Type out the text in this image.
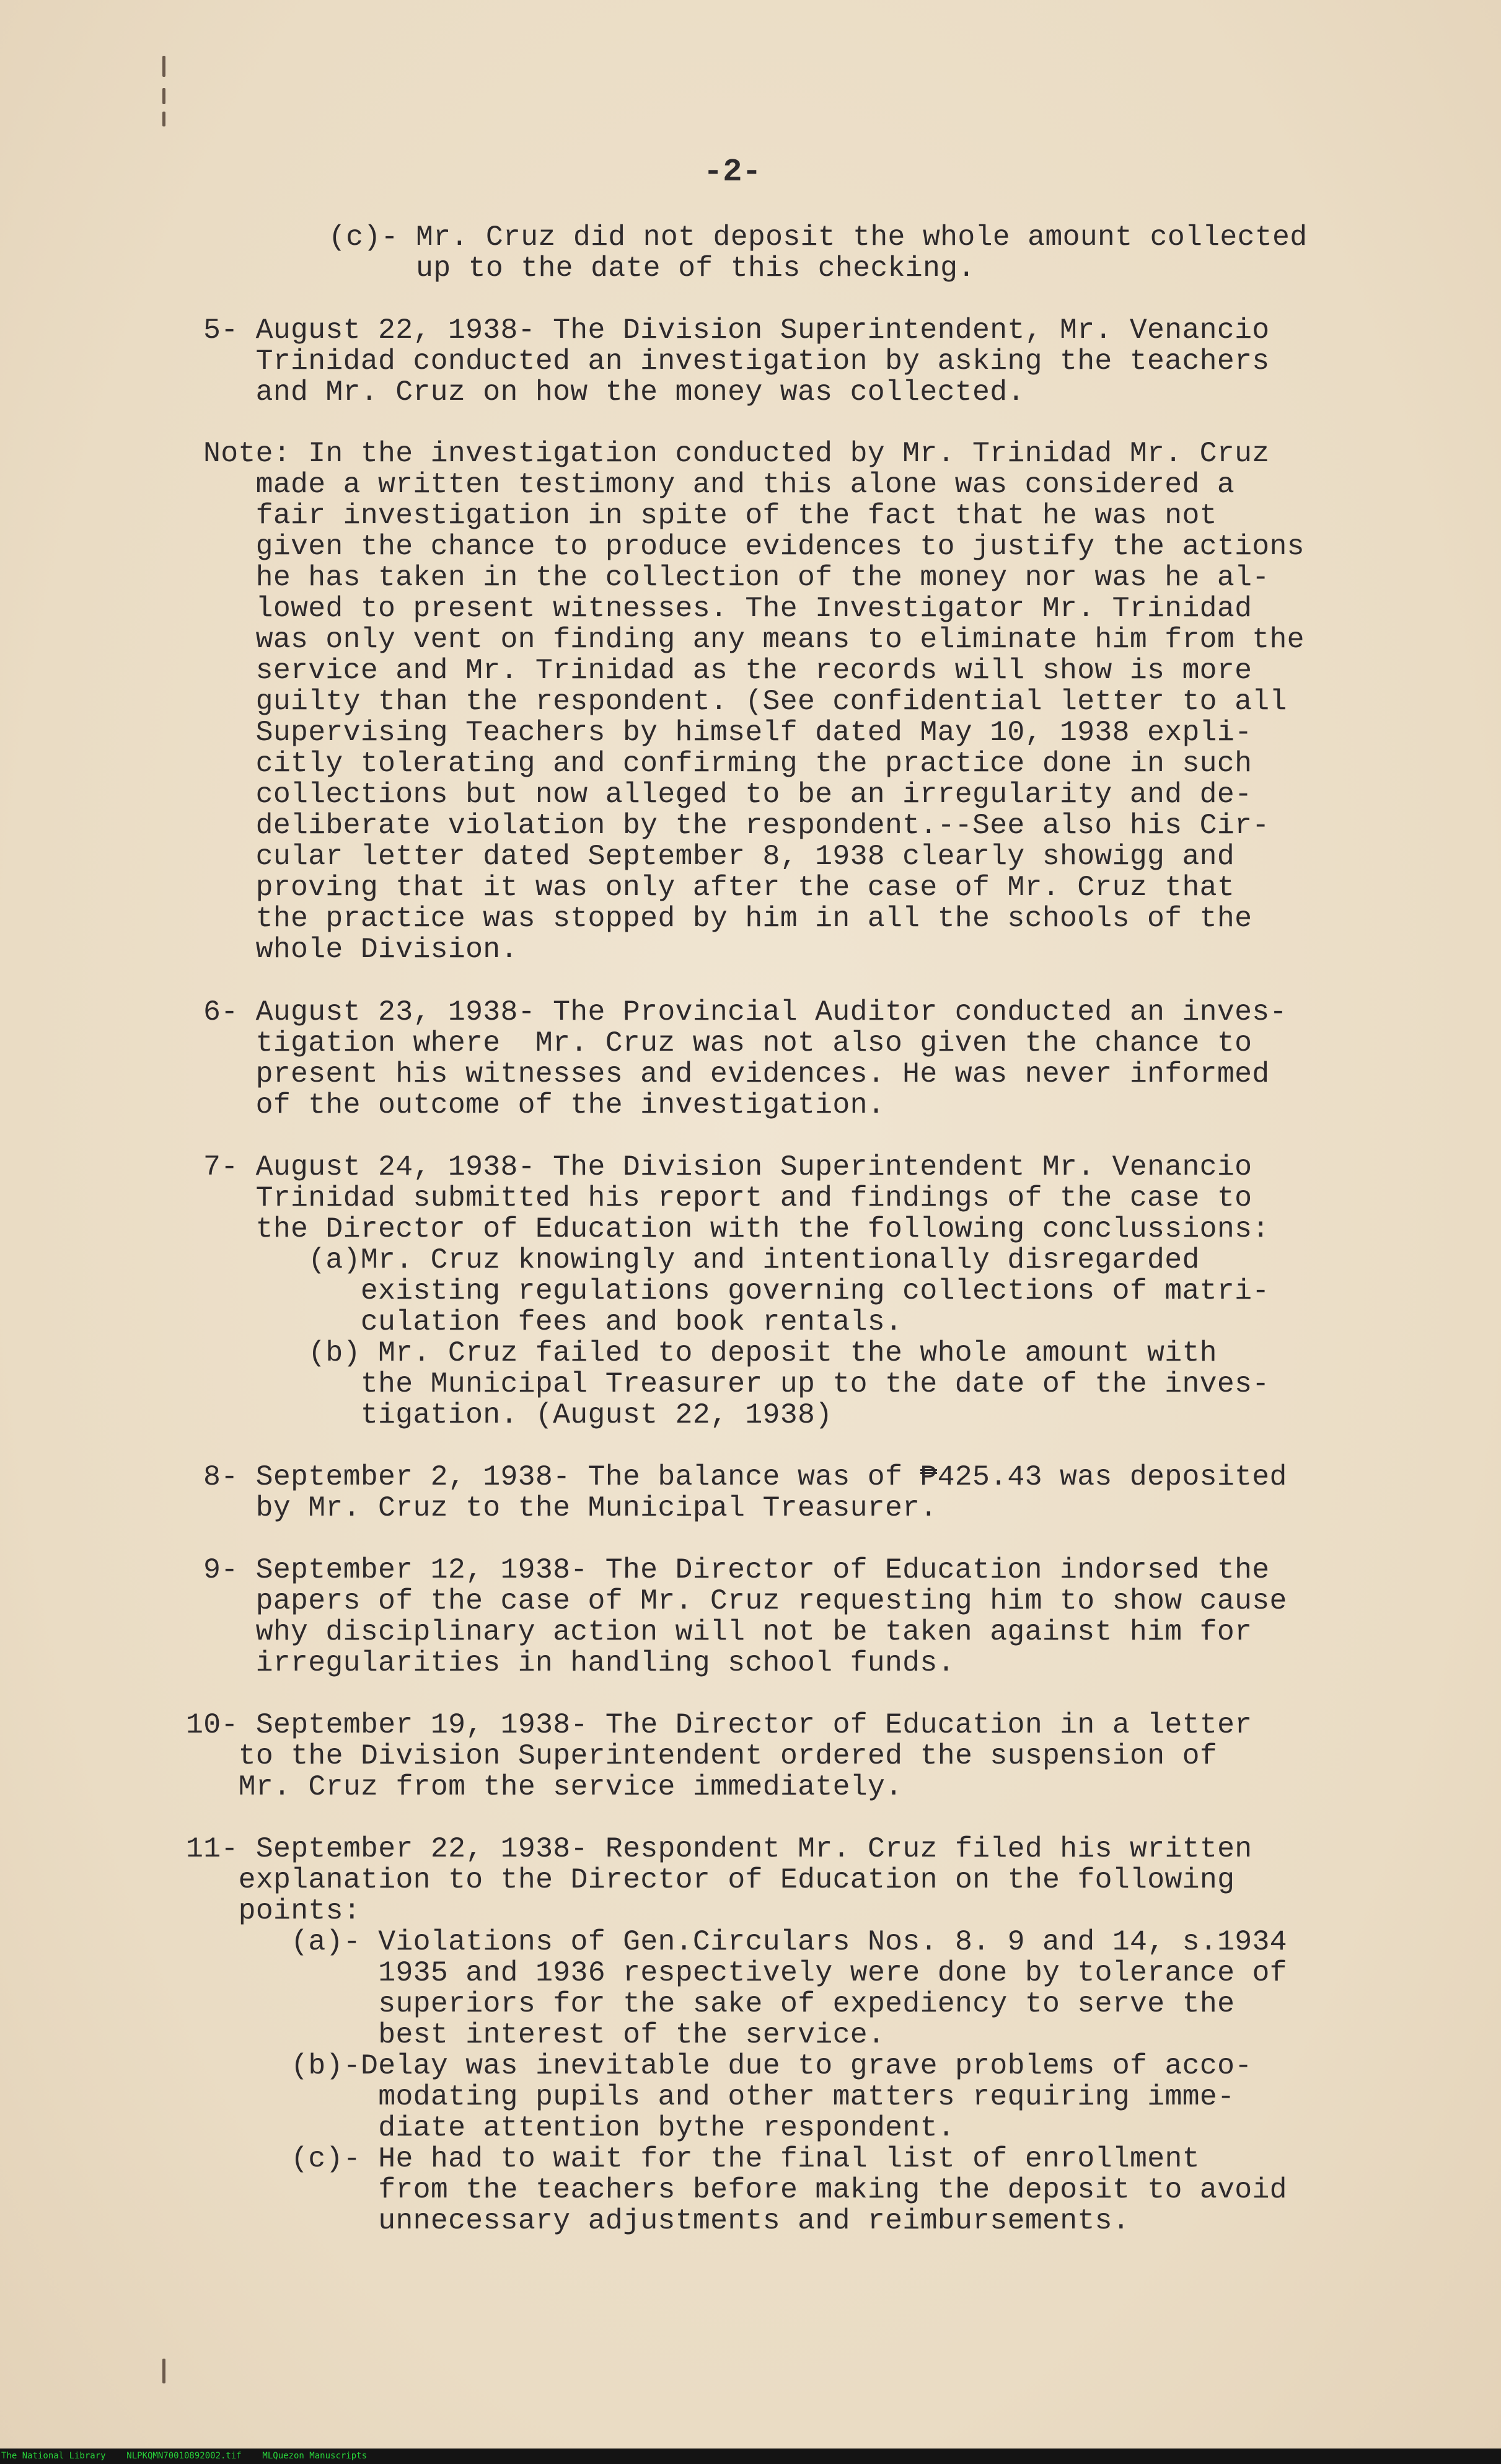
-2-
(c)- Mr. Cruz did not deposit the whole amount collected
up to the date of this checking.
5- August 22, 1938- The Division Superintendent, Mr. Venancio
Trinidad conducted an investigation by asking the teachers
and Mr. Cruz on how the money was collected.
Note: In the investigation conducted by Mr. Trinidad Mr. Cruz
made a written testimony and this alone was considered a
fair investigation in spite of the fact that he was not
given the chance to produce evidences to justify the actions
he has taken in the collection of the money nor was he al-
lowed to present witnesses. The Investigator Mr. Trinidad
was only vent on finding any means to eliminate him from the
service and Mr. Trinidad as the records will show is more
guilty than the respondent. (See confidential letter to all
Supervising Teachers by himself dated May 10, 1938 expli-
citly tolerating and confirming the practice done in such
collections but now alleged to be an irregularity and de-
deliberate violation by the respondent.--See also his Cir-
cular letter dated September 8, 1938 clearly showigg and
proving that it was only after the case of Mr. Cruz that
the practice was stopped by him in all the schools of the
whole Division.
6- August 23, 1938- The Provincial Auditor conducted an inves-
tigation where  Mr. Cruz was not also given the chance to
present his witnesses and evidences. He was never informed
of the outcome of the investigation.
7- August 24, 1938- The Division Superintendent Mr. Venancio
Trinidad submitted his report and findings of the case to
the Director of Education with the following conclussions:
(a)Mr. Cruz knowingly and intentionally disregarded
existing regulations governing collections of matri-
culation fees and book rentals.
(b) Mr. Cruz failed to deposit the whole amount with
the Municipal Treasurer up to the date of the inves-
tigation. (August 22, 1938)
8- September 2, 1938- The balance was of ₱425.43 was deposited
by Mr. Cruz to the Municipal Treasurer.
9- September 12, 1938- The Director of Education indorsed the
papers of the case of Mr. Cruz requesting him to show cause
why disciplinary action will not be taken against him for
irregularities in handling school funds.
10- September 19, 1938- The Director of Education in a letter
to the Division Superintendent ordered the suspension of
Mr. Cruz from the service immediately.
11- September 22, 1938- Respondent Mr. Cruz filed his written
explanation to the Director of Education on the following
points:
(a)- Violations of Gen.Circulars Nos. 8. 9 and 14, s.1934
1935 and 1936 respectively were done by tolerance of
superiors for the sake of expediency to serve the
best interest of the service.
(b)-Delay was inevitable due to grave problems of acco-
modating pupils and other matters requiring imme-
diate attention bythe respondent.
(c)- He had to wait for the final list of enrollment
from the teachers before making the deposit to avoid
unnecessary adjustments and reimbursements.
The National Library    NLPKQMN70010892002.tif    MLQuezon Manuscripts
